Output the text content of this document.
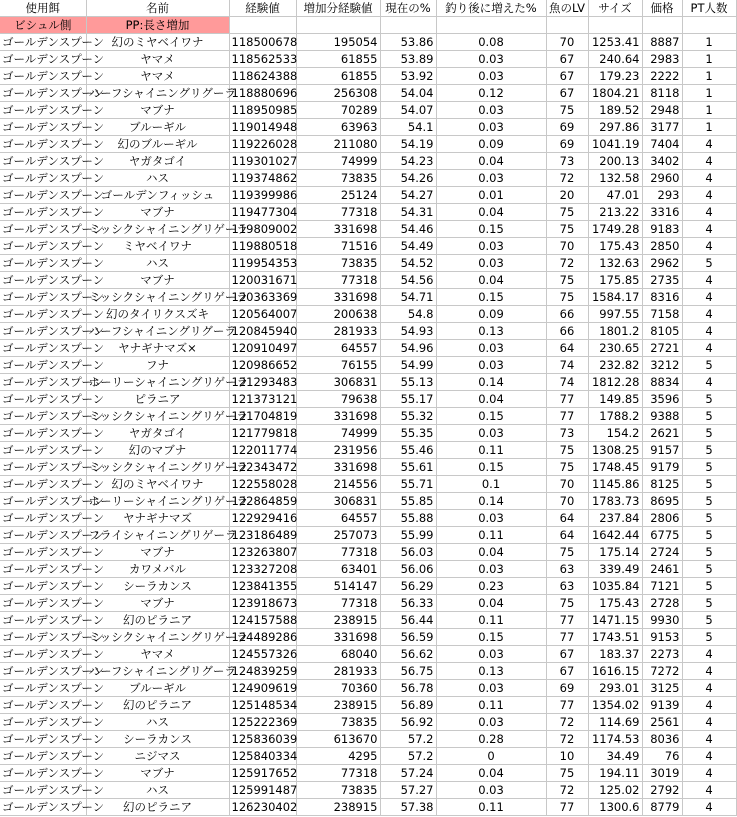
使用餌	名前	経験値	増加分経験値	現在の%	釣り後に増えた%	魚のLV	サイズ	価格	PT人数
ビシュル側	PP:長さ増加								
ゴールデンスプーン	幻のミヤベイワナ	118500678	195054	53.86	0.08	70	1253.41	8887	1
ゴールデンスプーン	ヤマメ	118562533	61855	53.89	0.03	67	240.64	2983	1
ゴールデンスプーン	ヤマメ	118624388	61855	53.92	0.03	67	179.23	2222	1
ゴールデンスプーン	ハーフシャイニングリグーラ	118880696	256308	54.04	0.12	67	1804.21	8118	1
ゴールデンスプーン	マブナ	118950985	70289	54.07	0.03	75	189.52	2948	1
ゴールデンスプーン	ブルーギル	119014948	63963	54.1	0.03	69	297.86	3177	1
ゴールデンスプーン	幻のブルーギル	119226028	211080	54.19	0.09	69	1041.19	7404	4
ゴールデンスプーン	ヤガタゴイ	119301027	74999	54.23	0.04	73	200.13	3402	4
ゴールデンスプーン	ハス	119374862	73835	54.26	0.03	72	132.58	2960	4
ゴールデンスプーン	ゴールデンフィッシュ	119399986	25124	54.27	0.01	20	47.01	293	4
ゴールデンスプーン	マブナ	119477304	77318	54.31	0.04	75	213.22	3316	4
ゴールデンスプーン	ミッシクシャイニングリゲーラ	119809002	331698	54.46	0.15	75	1749.28	9183	4
ゴールデンスプーン	ミヤベイワナ	119880518	71516	54.49	0.03	70	175.43	2850	4
ゴールデンスプーン	ハス	119954353	73835	54.52	0.03	72	132.63	2962	5
ゴールデンスプーン	マブナ	120031671	77318	54.56	0.04	75	175.85	2735	4
ゴールデンスプーン	ミッシクシャイニングリゲーラ	120363369	331698	54.71	0.15	75	1584.17	8316	4
ゴールデンスプーン	幻のタイリクスズキ	120564007	200638	54.8	0.09	66	997.55	7158	4
ゴールデンスプーン	ハーフシャイニングリグーラ	120845940	281933	54.93	0.13	66	1801.2	8105	4
ゴールデンスプーン	ヤナギナマズ×	120910497	64557	54.96	0.03	64	230.65	2721	4
ゴールデンスプーン	フナ	120986652	76155	54.99	0.03	74	232.82	3212	5
ゴールデンスプーン	ホーリーシャイニングリゲーラ	121293483	306831	55.13	0.14	74	1812.28	8834	4
ゴールデンスプーン	ピラニア	121373121	79638	55.17	0.04	77	149.85	3596	5
ゴールデンスプーン	ミッシクシャイニングリゲーラ	121704819	331698	55.32	0.15	77	1788.2	9388	5
ゴールデンスプーン	ヤガタゴイ	121779818	74999	55.35	0.03	73	154.2	2621	5
ゴールデンスプーン	幻のマブナ	122011774	231956	55.46	0.11	75	1308.25	9157	5
ゴールデンスプーン	ミッシクシャイニングリゲーラ	122343472	331698	55.61	0.15	75	1748.45	9179	5
ゴールデンスプーン	幻のミヤベイワナ	122558028	214556	55.71	0.1	70	1145.86	8125	5
ゴールデンスプーン	ホーリーシャイニングリゲーラ	122864859	306831	55.85	0.14	70	1783.73	8695	5
ゴールデンスプーン	ヤナギナマズ	122929416	64557	55.88	0.03	64	237.84	2806	5
ゴールデンスプーン	フライシャイニングリゲーラ	123186489	257073	55.99	0.11	64	1642.44	6775	5
ゴールデンスプーン	マブナ	123263807	77318	56.03	0.04	75	175.14	2724	5
ゴールデンスプーン	カワメバル	123327208	63401	56.06	0.03	63	339.49	2461	5
ゴールデンスプーン	シーラカンス	123841355	514147	56.29	0.23	63	1035.84	7121	5
ゴールデンスプーン	マブナ	123918673	77318	56.33	0.04	75	175.43	2728	5
ゴールデンスプーン	幻のピラニア	124157588	238915	56.44	0.11	77	1471.15	9930	5
ゴールデンスプーン	ミッシクシャイニングリゲーラ	124489286	331698	56.59	0.15	77	1743.51	9153	5
ゴールデンスプーン	ヤマメ	124557326	68040	56.62	0.03	67	183.37	2273	4
ゴールデンスプーン	ハーフシャイニングリグーラ	124839259	281933	56.75	0.13	67	1616.15	7272	4
ゴールデンスプーン	ブルーギル	124909619	70360	56.78	0.03	69	293.01	3125	4
ゴールデンスプーン	幻のピラニア	125148534	238915	56.89	0.11	77	1354.02	9139	4
ゴールデンスプーン	ハス	125222369	73835	56.92	0.03	72	114.69	2561	4
ゴールデンスプーン	シーラカンス	125836039	613670	57.2	0.28	72	1174.53	8036	4
ゴールデンスプーン	ニジマス	125840334	4295	57.2	0	10	34.49	76	4
ゴールデンスプーン	マブナ	125917652	77318	57.24	0.04	75	194.11	3019	4
ゴールデンスプーン	ハス	125991487	73835	57.27	0.03	72	125.02	2792	4
ゴールデンスプーン	幻のピラニア	126230402	238915	57.38	0.11	77	1300.6	8779	4
